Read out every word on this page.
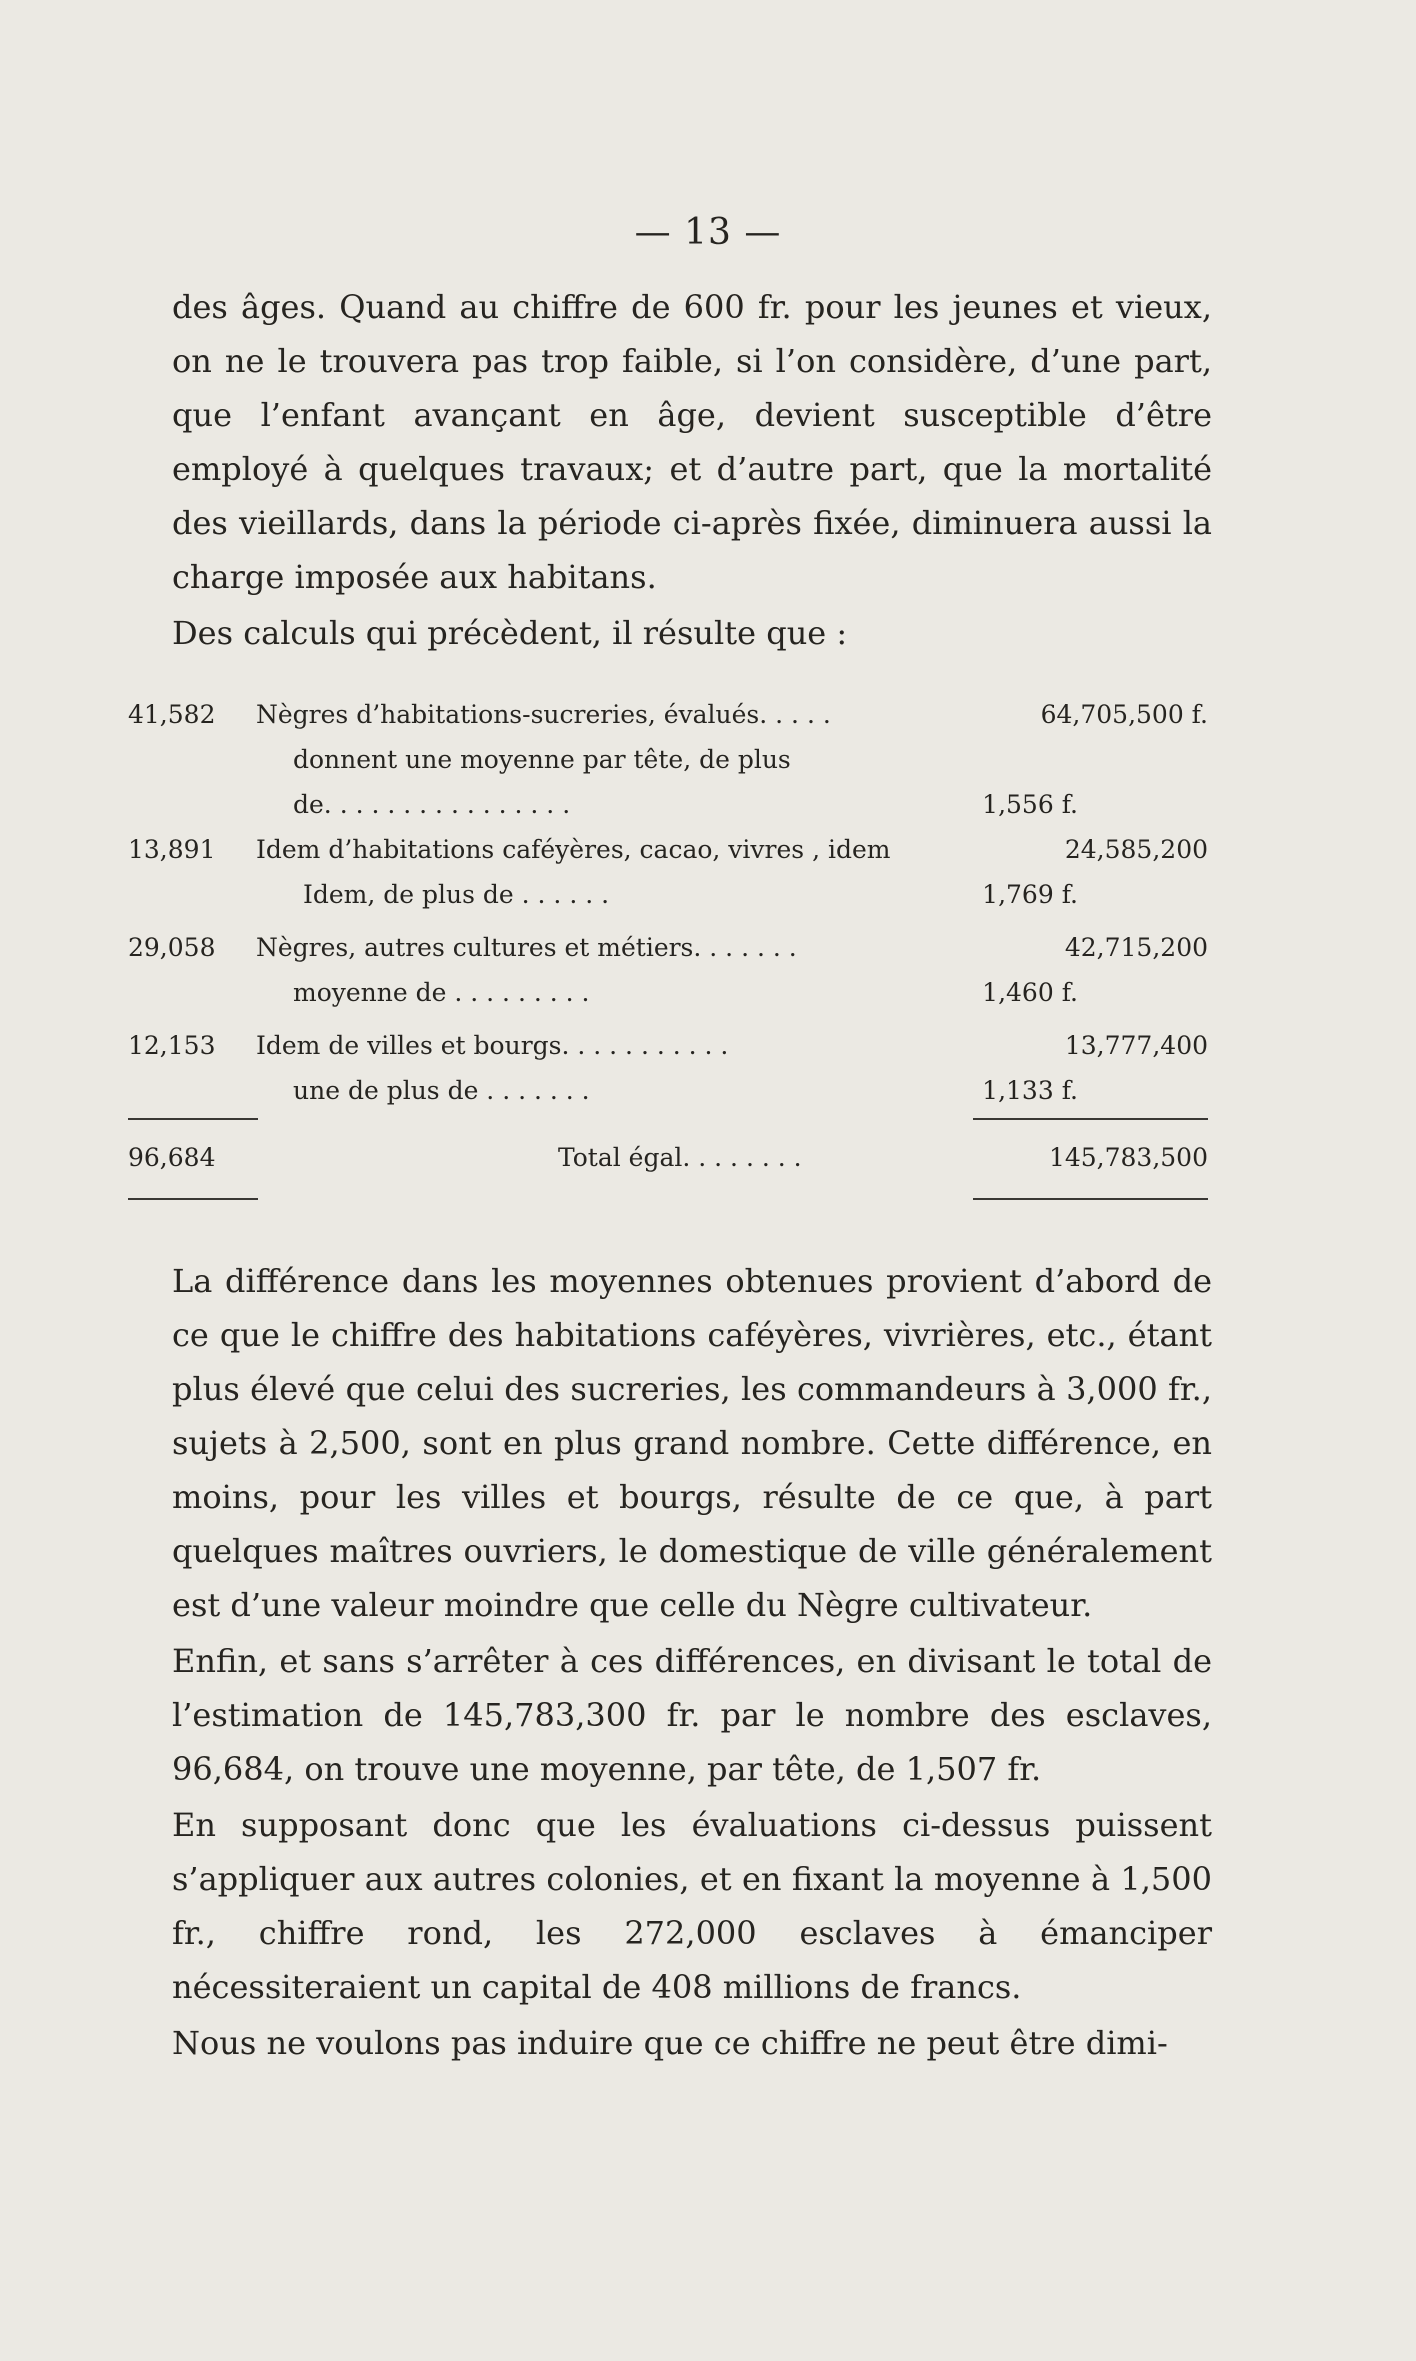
— 13 —

des âges. Quand au chiffre de 600 fr. pour les jeunes et vieux, on ne le trouvera pas trop faible, si l’on considère, d’une part, que l’enfant avançant en âge, devient susceptible d’être employé à quelques travaux; et d’autre part, que la mortalité des vieillards, dans la période ci-après fixée, diminuera aussi la charge imposée aux habitans.

Des calculs qui précèdent, il résulte que :

41,582	Nègres d’habitations-sucreries, évalués. . . . .	64,705,500 f.
donnent une moyenne par tête, de plus
de. . . . . . . . . . . . . . . .	1,556 f.
13,891	Idem d’habitations caféyères, cacao, vivres , idem	24,585,200
Idem, de plus de . . . . . .	1,769 f.
29,058	Nègres, autres cultures et métiers. . . . . . .	42,715,200
moyenne de . . . . . . . . .	1,460 f.
12,153	Idem de villes et bourgs. . . . . . . . . . .	13,777,400
une de plus de . . . . . . .	1,133 f.
96,684	Total égal. . . . . . . .	145,783,500

La différence dans les moyennes obtenues provient d’abord de ce que le chiffre des habitations caféyères, vivrières, etc., étant plus élevé que celui des sucreries, les commandeurs à 3,000 fr., sujets à 2,500, sont en plus grand nombre. Cette différence, en moins, pour les villes et bourgs, résulte de ce que, à part quelques maîtres ouvriers, le domestique de ville généralement est d’une valeur moindre que celle du Nègre cultivateur.

Enfin, et sans s’arrêter à ces différences, en divisant le total de l’estimation de 145,783,300 fr. par le nombre des esclaves, 96,684, on trouve une moyenne, par tête, de 1,507 fr.

En supposant donc que les évaluations ci-dessus puissent s’appliquer aux autres colonies, et en fixant la moyenne à 1,500 fr., chiffre rond, les 272,000 esclaves à émanciper nécessiteraient un capital de 408 millions de francs.

Nous ne voulons pas induire que ce chiffre ne peut être dimi-
